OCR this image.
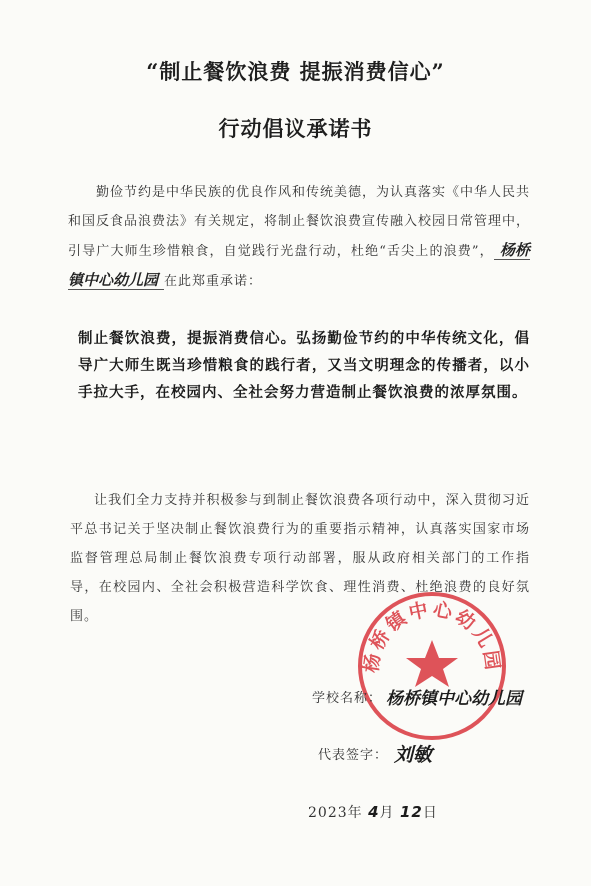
“制止餐饮浪费 提振消费信心”
行动倡议承诺书
勤俭节约是中华民族的优良作风和传统美德，为认真落实《中华人民共和国反食品浪费法》有关规定，将制止餐饮浪费宣传融入校园日常管理中，引导广大师生珍惜粮食，自觉践行光盘行动，杜绝“舌尖上的浪费”， 杨桥镇中心幼儿园 在此郑重承诺：
制止餐饮浪费，提振消费信心。弘扬勤俭节约的中华传统文化，倡导广大师生既当珍惜粮食的践行者，又当文明理念的传播者，以小手拉大手，在校园内、全社会努力营造制止餐饮浪费的浓厚氛围。
让我们全力支持并积极参与到制止餐饮浪费各项行动中，深入贯彻习近平总书记关于坚决制止餐饮浪费行为的重要指示精神，认真落实国家市场监督管理总局制止餐饮浪费专项行动部署，服从政府相关部门的工作指导，在校园内、全社会积极营造科学饮食、理性消费、杜绝浪费的良好氛围。
杨桥镇中心幼儿园
学校名称： 杨桥镇中心幼儿园
代表签字： 刘敏
2023年 4月 12日
